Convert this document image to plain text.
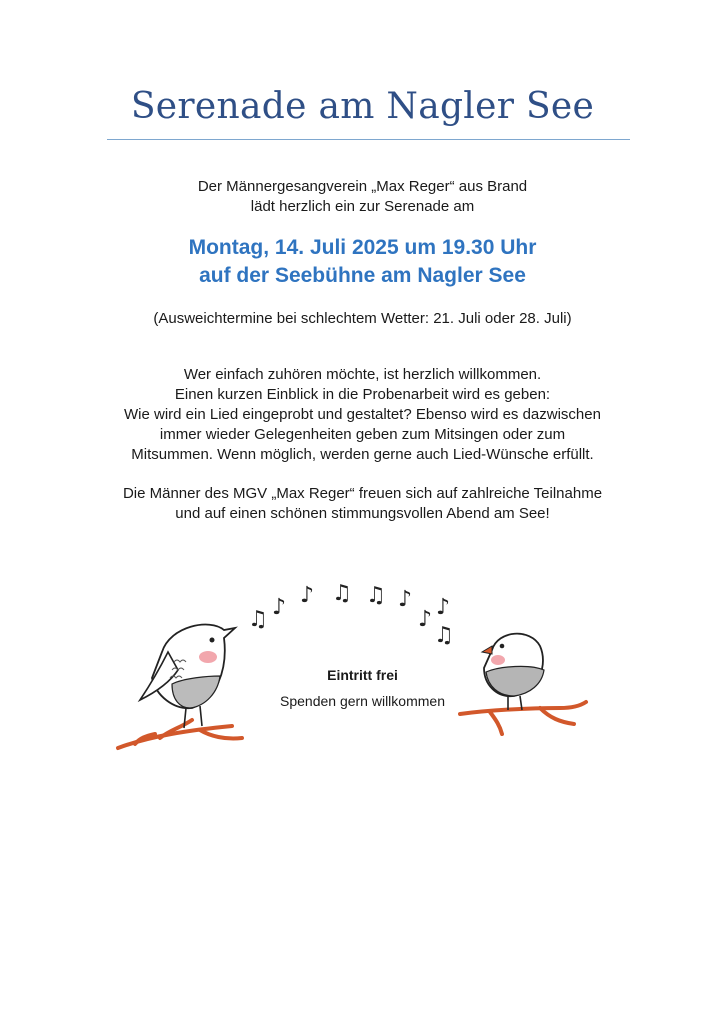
Serenade am Nagler See
Der Männergesangverein „Max Reger“ aus Brand
lädt herzlich ein zur Serenade am
Montag, 14. Juli 2025 um 19.30 Uhr
auf der Seebühne am Nagler See
(Ausweichtermine bei schlechtem Wetter: 21. Juli oder 28. Juli)
Wer einfach zuhören möchte, ist herzlich willkommen.
Einen kurzen Einblick in die Probenarbeit wird es geben:
Wie wird ein Lied eingeprobt und gestaltet? Ebenso wird es dazwischen
immer wieder Gelegenheiten geben zum Mitsingen oder zum
Mitsummen. Wenn möglich, werden gerne auch Lied-Wünsche erfüllt.
Die Männer des MGV „Max Reger“ freuen sich auf zahlreiche Teilnahme
und auf einen schönen stimmungsvollen Abend am See!
♫ ♪ ♪ ♫ ♫ ♪
♪ ♪
♫
Eintritt frei
Spenden gern willkommen
